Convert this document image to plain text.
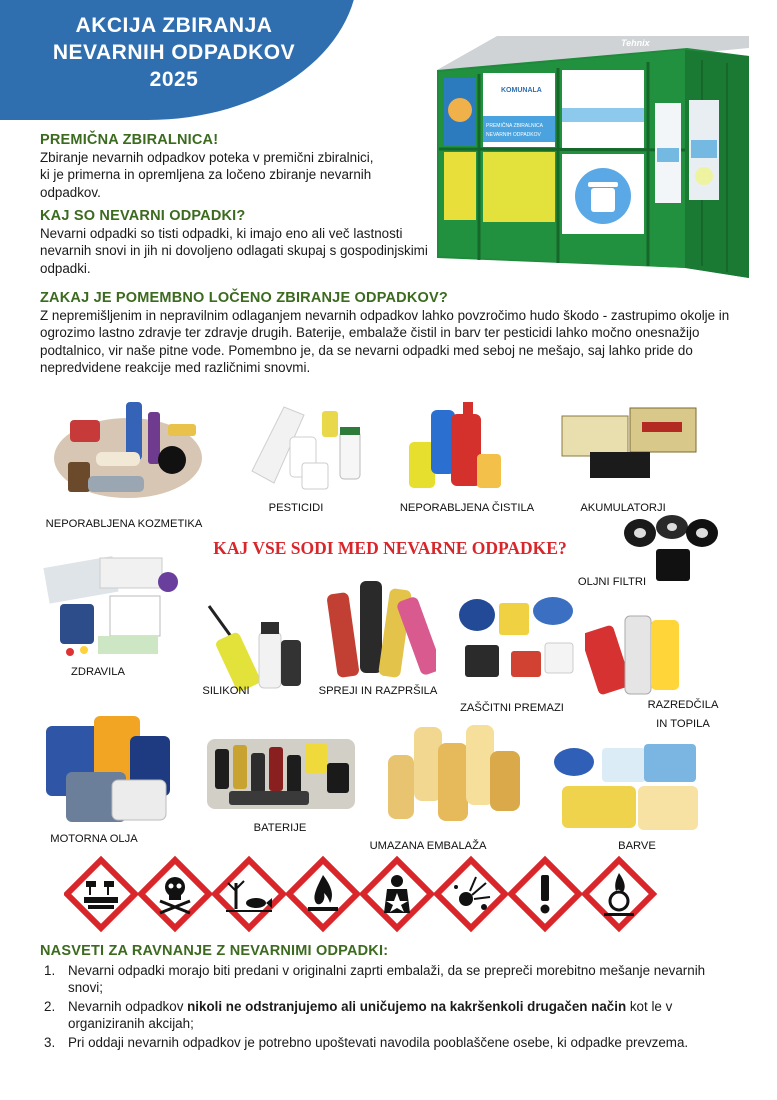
AKCIJA ZBIRANJA
NEVARNIH ODPADKOV
2025	KOMUNALA
PREMIČNA ZBIRALNICA
NEVARNIH ODPADKOV
Tehnix
PREMIČNA ZBIRALNICA!
Zbiranje nevarnih odpadkov poteka v premični zbiralnici, ki je primerna in opremljena za ločeno zbiranje nevarnih odpadkov.
KAJ SO NEVARNI ODPADKI?
Nevarni odpadki so tisti odpadki, ki imajo eno ali več lastnosti nevarnih snovi in jih ni dovoljeno odlagati skupaj s gospodinjskimi odpadki.
ZAKAJ JE POMEMBNO LOČENO ZBIRANJE ODPADKOV?
Z nepremišljenim in nepravilnim odlaganjem nevarnih odpadkov lahko povzročimo hudo škodo - zastrupimo okolje in ogrozimo lastno zdravje ter zdravje drugih. Baterije, embalaže čistil in barv ter pesticidi lahko močno onesnažijo podtalnico, vir naše pitne vode. Pomembno je, da se nevarni odpadki med seboj ne mešajo, saj lahko pride do nepredvidene reakcije med različnimi snovmi.
NEPORABLJENA KOZMETIKA
PESTICIDI	NEPORABLJENA ČISTILA	AKUMULATORJI
KAJ VSE SODI MED NEVARNE ODPADKE?
OLJNI FILTRI
ZDRAVILA
SILIKONI	SPREJI IN RAZPRŠILA
ZAŠČITNI PREMAZI	RAZREDČILA
IN TOPILA
MOTORNA OLJA
BATERIJE
UMAZANA EMBALAŽA	BARVE
NASVETI ZA RAVNANJE Z NEVARNIMI ODPADKI:
1. Nevarni odpadki morajo biti predani v originalni zaprti embalaži, da se prepreči morebitno mešanje nevarnih snovi;
2. Nevarnih odpadkov nikoli ne odstranjujemo ali uničujemo na kakršenkoli drugačen način kot le v organiziranih akcijah;
3. Pri oddaji nevarnih odpadkov je potrebno upoštevati navodila pooblaščene osebe, ki odpadke prevzema.
